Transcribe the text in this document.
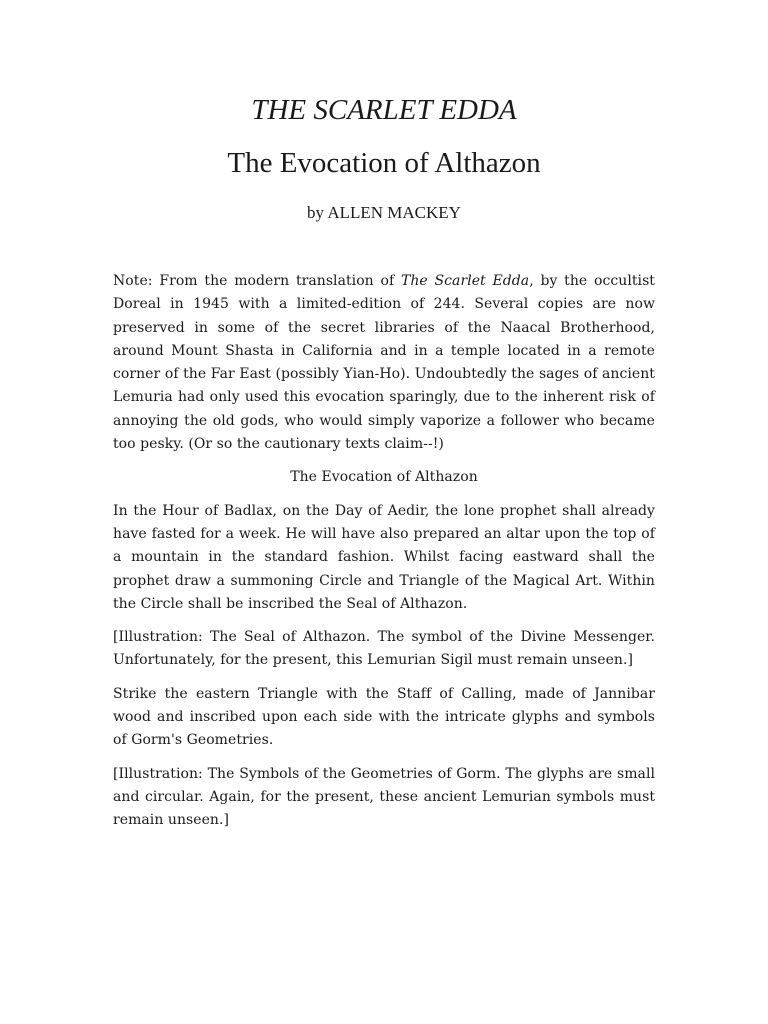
THE SCARLET EDDA
The Evocation of Althazon

by ALLEN MACKEY

Note: From the modern translation of The Scarlet Edda, by the occultist Doreal in 1945 with a limited-edition of 244. Several copies are now preserved in some of the secret libraries of the Naacal Brotherhood, around Mount Shasta in California and in a temple located in a remote corner of the Far East (possibly Yian-Ho). Undoubtedly the sages of ancient Lemuria had only used this evocation sparingly, due to the inherent risk of annoying the old gods, who would simply vaporize a follower who became too pesky. (Or so the cautionary texts claim--!)

The Evocation of Althazon

In the Hour of Badlax, on the Day of Aedir, the lone prophet shall already have fasted for a week. He will have also prepared an altar upon the top of a mountain in the standard fashion. Whilst facing eastward shall the prophet draw a summoning Circle and Triangle of the Magical Art. Within the Circle shall be inscribed the Seal of Althazon.

[Illustration: The Seal of Althazon. The symbol of the Divine Messenger. Unfortunately, for the present, this Lemurian Sigil must remain unseen.]

Strike the eastern Triangle with the Staff of Calling, made of Jannibar wood and inscribed upon each side with the intricate glyphs and symbols of Gorm's Geometries.

[Illustration: The Symbols of the Geometries of Gorm. The glyphs are small and circular. Again, for the present, these ancient Lemurian symbols must remain unseen.]
